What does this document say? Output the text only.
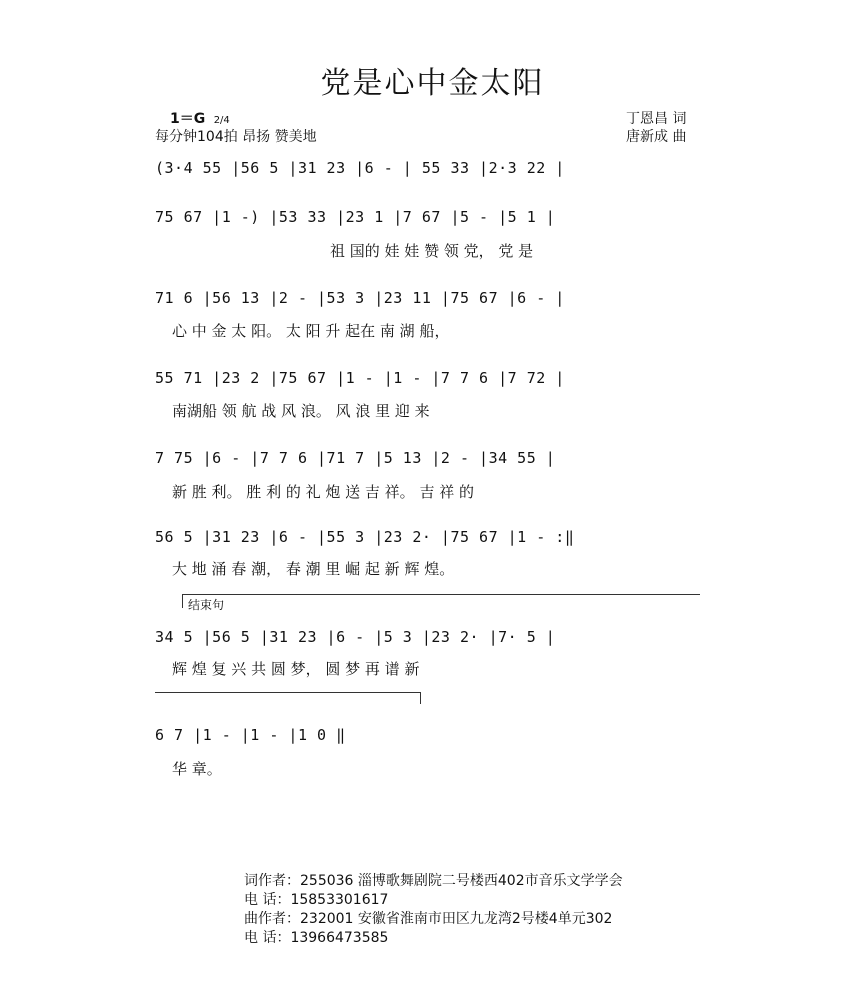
党是心中金太阳
1＝G 2/4
每分钟104拍 昂扬 赞美地
丁恩昌 词
唐新成 曲
(3·4 55 |56 5 |31 23 |6 - | 55 33 |2·3 22 |
75 67 |1 -) |53 33 |23 1 |7 67 |5 - |5 1 |
祖 国的 娃 娃 赞 领 党， 党 是
71 6 |56 13 |2 - |53 3 |23 11 |75 67 |6 - |
心 中 金 太 阳。 太 阳 升 起在 南 湖 船，
55 71 |23 2 |75 67 |1 - |1 - |7 7 6 |7 72 |
南湖船 领 航 战 风 浪。 风 浪 里 迎 来
7 75 |6 - |7 7 6 |71 7 |5 13 |2 - |34 55 |
新 胜 利。 胜 利 的 礼 炮 送 吉 祥。 吉 祥 的
56 5 |31 23 |6 - |55 3 |23 2· |75 67 |1 - :‖
大 地 涌 春 潮， 春 潮 里 崛 起 新 辉 煌。
结束句
34 5 |56 5 |31 23 |6 - |5 3 |23 2· |7· 5 |
辉 煌 复 兴 共 圆 梦， 圆 梦 再 谱 新
6 7 |1 - |1 - |1 0 ‖
华 章。
词作者：255036 淄博歌舞剧院二号楼西402市音乐文学学会
电 话：15853301617
曲作者：232001 安徽省淮南市田区九龙湾2号楼4单元302
电 话：13966473585
